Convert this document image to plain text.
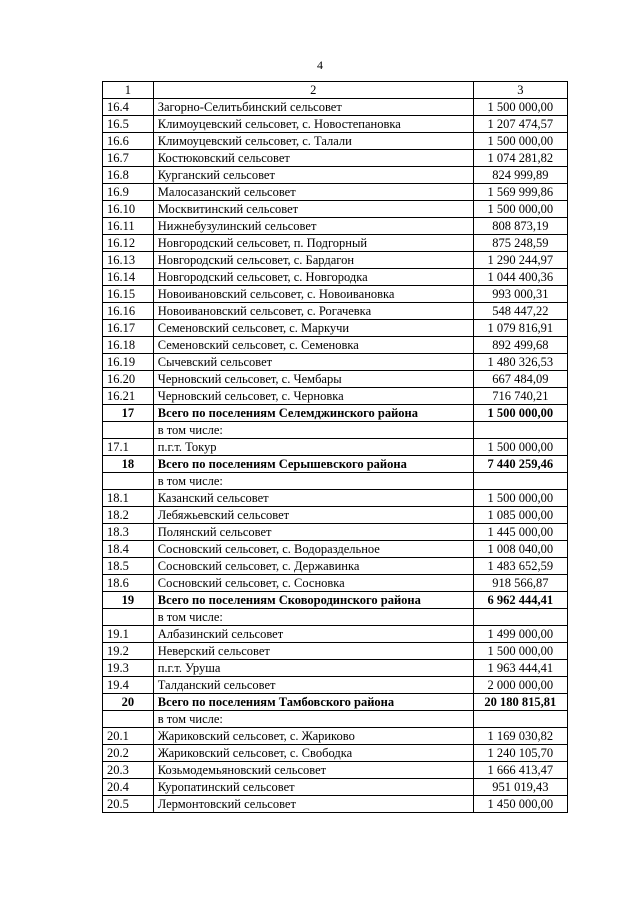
4
1	2	3
16.4	Загорно-Селитьбинский сельсовет	1 500 000,00
16.5	Климоуцевский сельсовет, с. Новостепановка	1 207 474,57
16.6	Климоуцевский сельсовет, с. Талали	1 500 000,00
16.7	Костюковский сельсовет	1 074 281,82
16.8	Курганский сельсовет	824 999,89
16.9	Малосазанский сельсовет	1 569 999,86
16.10	Москвитинский сельсовет	1 500 000,00
16.11	Нижнебузулинский сельсовет	808 873,19
16.12	Новгородский сельсовет, п. Подгорный	875 248,59
16.13	Новгородский сельсовет, с. Бардагон	1 290 244,97
16.14	Новгородский сельсовет, с. Новгородка	1 044 400,36
16.15	Новоивановский сельсовет, с. Новоивановка	993 000,31
16.16	Новоивановский сельсовет, с. Рогачевка	548 447,22
16.17	Семеновский сельсовет, с. Маркучи	1 079 816,91
16.18	Семеновский сельсовет, с. Семеновка	892 499,68
16.19	Сычевский сельсовет	1 480 326,53
16.20	Черновский сельсовет, с. Чембары	667 484,09
16.21	Черновский сельсовет, с. Черновка	716 740,21
17	Всего по поселениям Селемджинского района	1 500 000,00
	в том числе:	
17.1	п.г.т. Токур	1 500 000,00
18	Всего по поселениям Серышевского района	7 440 259,46
	в том числе:	
18.1	Казанский сельсовет	1 500 000,00
18.2	Лебяжьевский сельсовет	1 085 000,00
18.3	Полянский сельсовет	1 445 000,00
18.4	Сосновский сельсовет, с. Водораздельное	1 008 040,00
18.5	Сосновский сельсовет, с. Державинка	1 483 652,59
18.6	Сосновский сельсовет, с. Сосновка	918 566,87
19	Всего по поселениям Сковородинского района	6 962 444,41
	в том числе:	
19.1	Албазинский сельсовет	1 499 000,00
19.2	Неверский сельсовет	1 500 000,00
19.3	п.г.т. Уруша	1 963 444,41
19.4	Талданский сельсовет	2 000 000,00
20	Всего по поселениям Тамбовского района	20 180 815,81
	в том числе:	
20.1	Жариковский сельсовет, с. Жариково	1 169 030,82
20.2	Жариковский сельсовет, с. Свободка	1 240 105,70
20.3	Козьмодемьяновский сельсовет	1 666 413,47
20.4	Куропатинский сельсовет	951 019,43
20.5	Лермонтовский сельсовет	1 450 000,00
